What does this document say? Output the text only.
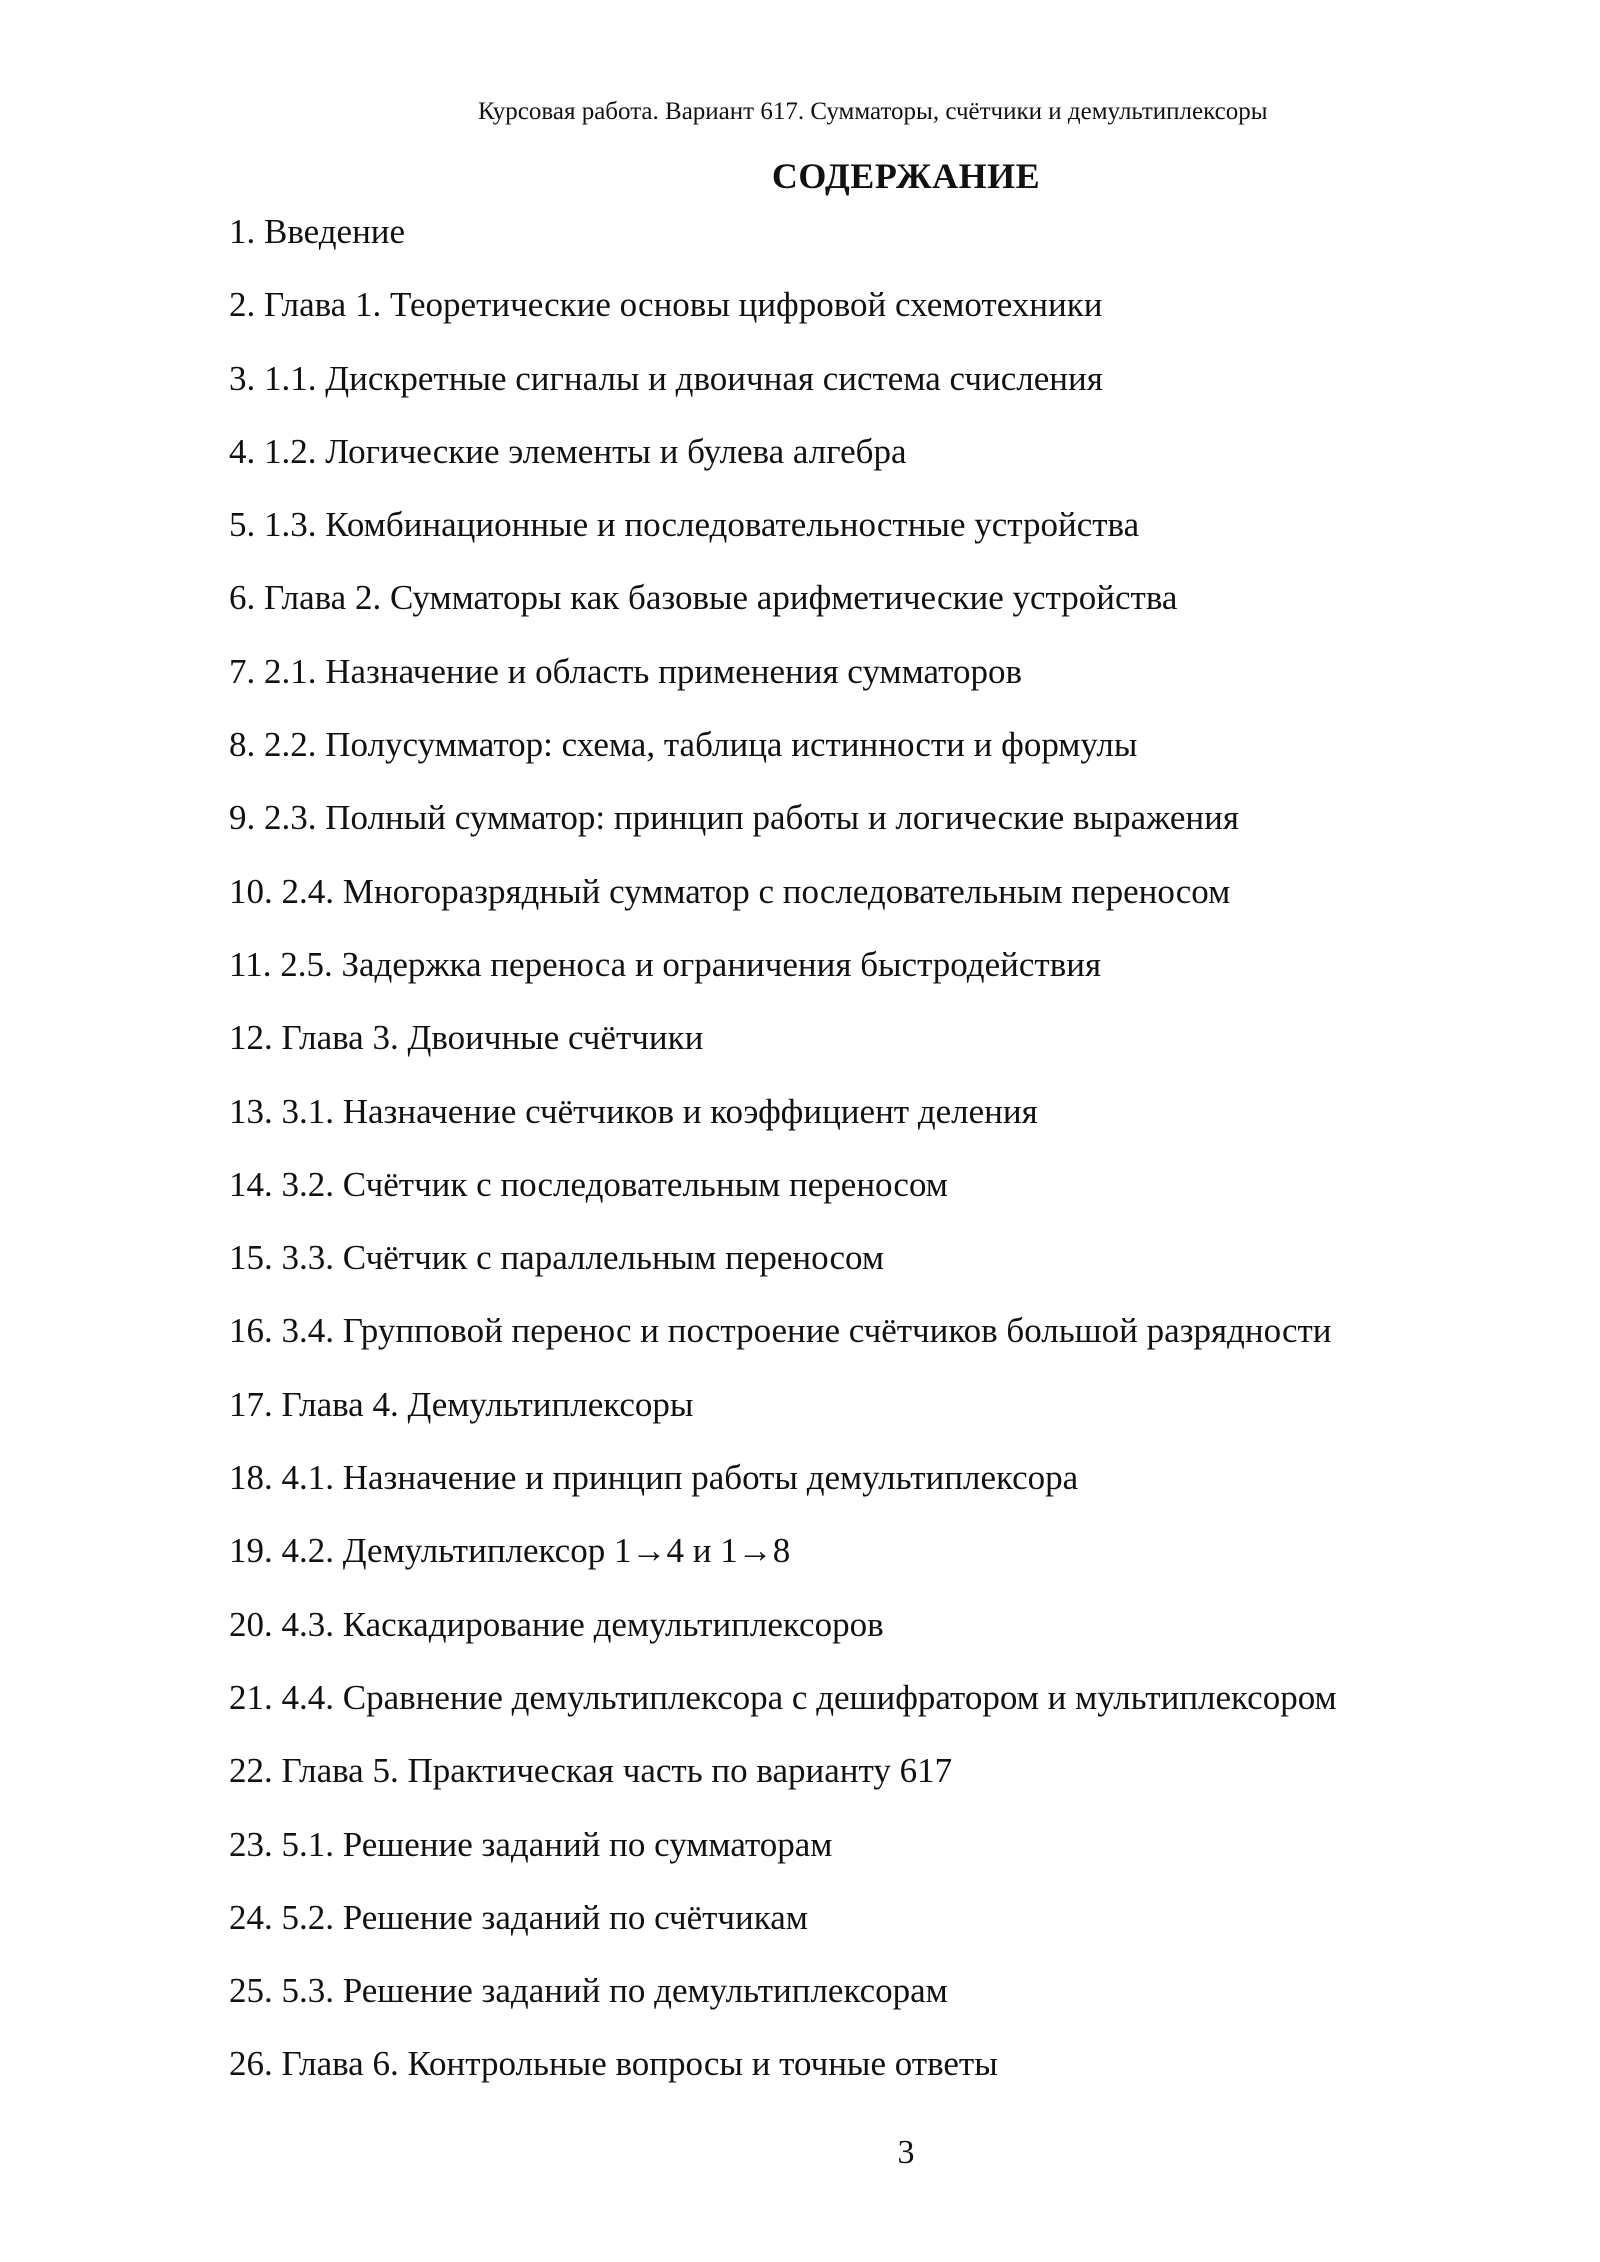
Курсовая работа. Вариант 617. Сумматоры, счётчики и демультиплексоры
СОДЕРЖАНИЕ
1. Введение
2. Глава 1. Теоретические основы цифровой схемотехники
3. 1.1. Дискретные сигналы и двоичная система счисления
4. 1.2. Логические элементы и булева алгебра
5. 1.3. Комбинационные и последовательностные устройства
6. Глава 2. Сумматоры как базовые арифметические устройства
7. 2.1. Назначение и область применения сумматоров
8. 2.2. Полусумматор: схема, таблица истинности и формулы
9. 2.3. Полный сумматор: принцип работы и логические выражения
10. 2.4. Многоразрядный сумматор с последовательным переносом
11. 2.5. Задержка переноса и ограничения быстродействия
12. Глава 3. Двоичные счётчики
13. 3.1. Назначение счётчиков и коэффициент деления
14. 3.2. Счётчик с последовательным переносом
15. 3.3. Счётчик с параллельным переносом
16. 3.4. Групповой перенос и построение счётчиков большой разрядности
17. Глава 4. Демультиплексоры
18. 4.1. Назначение и принцип работы демультиплексора
19. 4.2. Демультиплексор 1→4 и 1→8
20. 4.3. Каскадирование демультиплексоров
21. 4.4. Сравнение демультиплексора с дешифратором и мультиплексором
22. Глава 5. Практическая часть по варианту 617
23. 5.1. Решение заданий по сумматорам
24. 5.2. Решение заданий по счётчикам
25. 5.3. Решение заданий по демультиплексорам
26. Глава 6. Контрольные вопросы и точные ответы
3
